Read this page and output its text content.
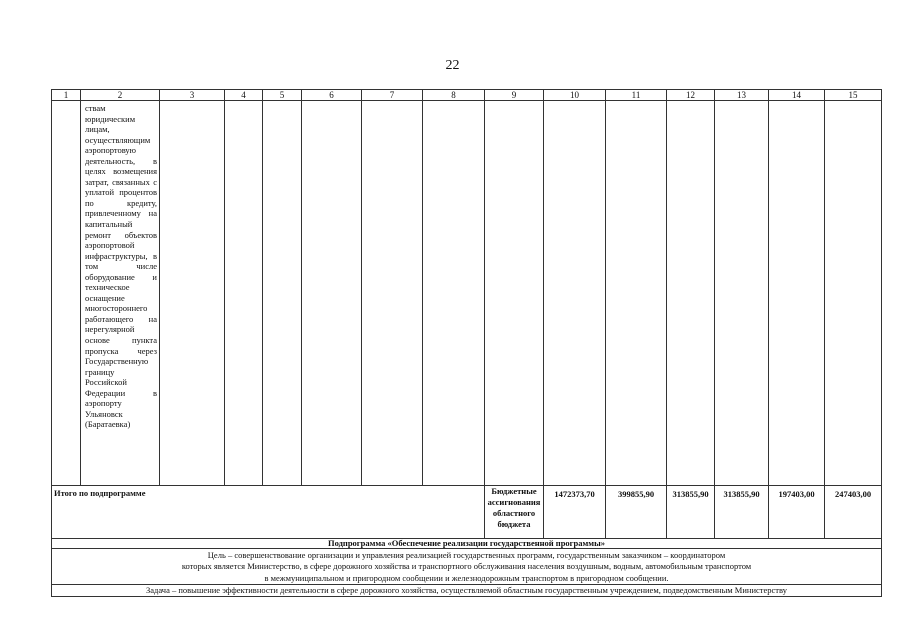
22
1	2	3	4	5	6	7	8	9	10	11	12	13	14	15
	ствам юридическим лицам, осуществляющим аэропортовую деятельность, в целях возмещения затрат, связанных с уплатой процентов по кредиту, привлеченному на капитальный ремонт объектов аэропортовой инфраструктуры, в том числе оборудование и техническое оснащение многостороннего работающего на нерегулярной основе пункта пропуска через Государственную границу Российской Федерации в аэропорту Ульяновск (Баратаевка)													
Итого по подпрограмме								Бюджетные ассигнования областного бюджета	1472373,70	399855,90	313855,90	313855,90	197403,00	247403,00
Подпрограмма «Обеспечение реализации государственной программы»														

Цель – совершенствование организации и управления реализацией государственных программ, государственным заказчиком – координатором
которых является Министерство, в сфере дорожного хозяйства и транспортного обслуживания населения воздушным, водным, автомобильным транспортом
в межмуниципальном и пригородном сообщении и железнодорожным транспортом в пригородном сообщении.														

Задача – повышение эффективности деятельности в сфере дорожного хозяйства, осуществляемой областным государственным учреждением, подведомственным Министерству														
